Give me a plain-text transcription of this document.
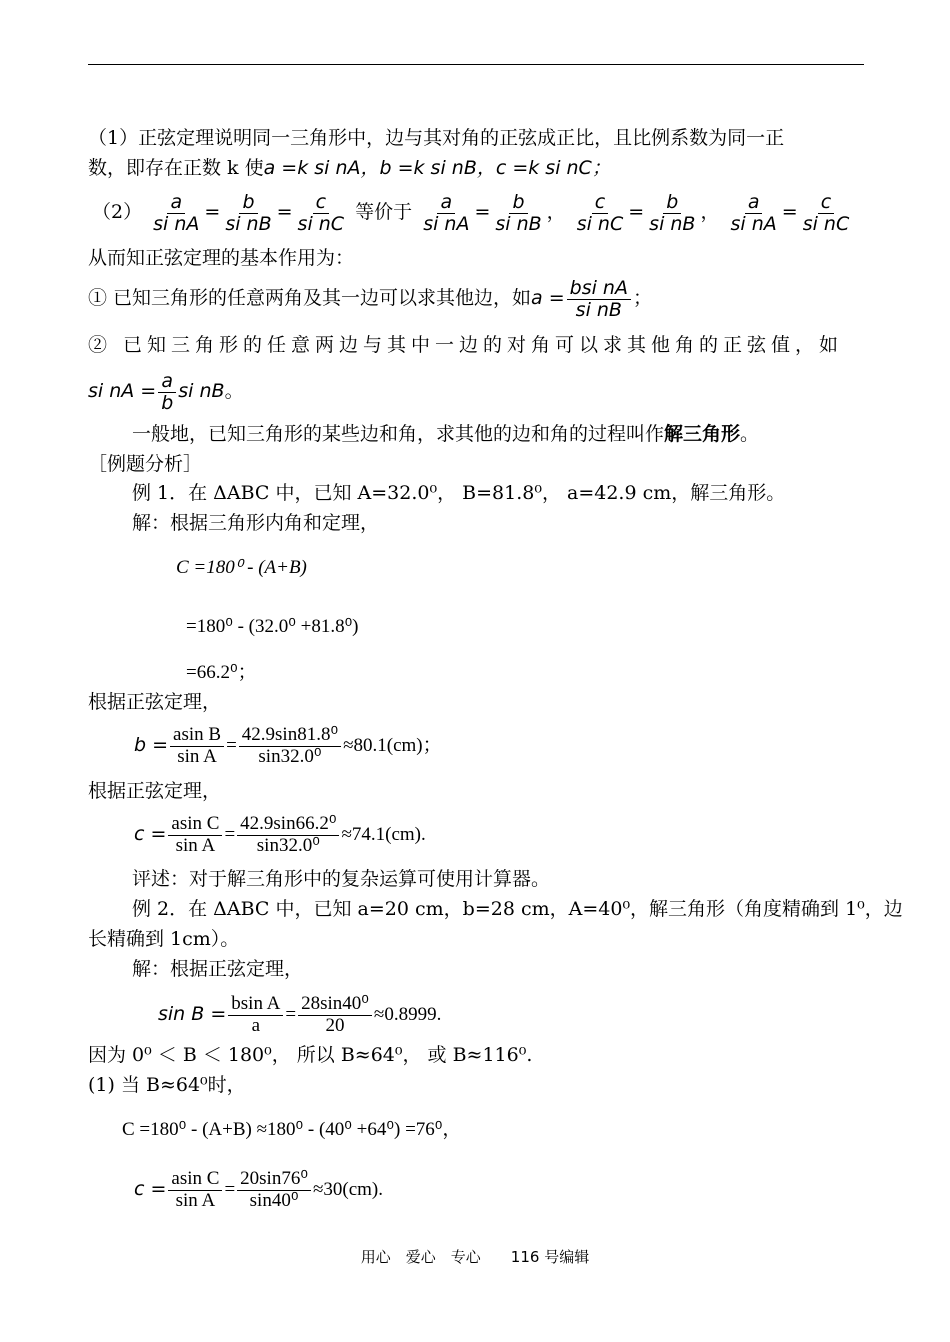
（1）正弦定理说明同一三角形中，边与其对角的正弦成正比，且比例系数为同一正
数，即存在正数 k 使a =k si nA，b =k si nB，c =k si nC；
$(2) \frac{a}{\text{si nA}} = \frac{b}{\text{si nB}} = \frac{c}{\text{si nC}}$ 等价于 $\frac{a}{\text{si nA}} = \frac{b}{\text{si nB}}$ ， $\frac{c}{\text{si nC}} = \frac{b}{\text{si nB}}$ ， $\frac{a}{\text{si nA}} = \frac{c}{\text{si nC}}$
从而知正弦定理的基本作用为：
① 已知三角形的任意两角及其一边可以求其他边，如$a = \frac{\text{bsi nA}}{\text{si nB}}$ ；
② 已知三角形的任意两边与其中一边的对角可以求其他角的正弦值，如
si nA = $\frac{a}{b}$ si nB。
一般地，已知三角形的某些边和角，求其他的边和角的过程叫作解三角形。
［例题分析］
例 1．在 ΔABC 中，已知 A=32.0⁰， B=81.8⁰， a=42.9 cm，解三角形。
解：根据三角形内角和定理，
C =180⁰ - (A+B)
=180⁰ - (32.0⁰ +81.8⁰)
=66.2⁰；
根据正弦定理，
$b = \frac{\text{asin B}}{\text{sin A}} = \frac{\text{42.9sin81.8⁰}}{\text{sin32.0⁰}} \approx 80.1(cm)$；
根据正弦定理，
$c = \frac{\text{asin C}}{\text{sin A}} = \frac{\text{42.9sin66.2⁰}}{\text{sin32.0⁰}} \approx 74.1(cm)$.
评述：对于解三角形中的复杂运算可使用计算器。
例 2．在 ΔABC 中，已知 a=20 cm，b=28 cm，A=40⁰，解三角形（角度精确到 1⁰，边
长精确到 1cm）。
解：根据正弦定理，
$\sin B = \frac{\text{bsin A}}{a} = \frac{\text{28sin40⁰}}{20} \approx 0.8999$.
因为 0⁰ ＜ B ＜ 180⁰， 所以 B≈64⁰， 或 B≈116⁰.
(1) 当 B≈64⁰时，
C =180⁰ - (A+B) ≈180⁰ - (40⁰ +64⁰) =76⁰，
$c = \frac{\text{asin C}}{\text{sin A}} = \frac{\text{20sin76⁰}}{\text{sin40⁰}} \approx 30(cm)$.
用心　爱心　专心　　116 号编辑
